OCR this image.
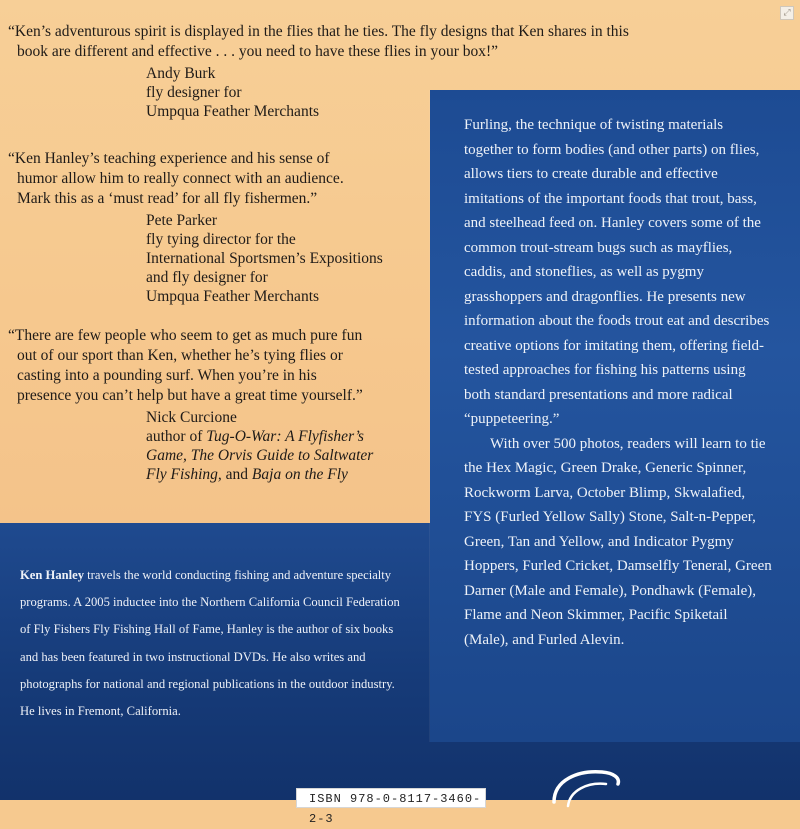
⤢

“Ken’s adventurous spirit is displayed in the flies that he ties. The fly designs that Ken shares in this

book are different and effective . . . you need to have these flies in your box!”

Andy Burk
fly designer for
Umpqua Feather Merchants

“Ken Hanley’s teaching experience and his sense of

humor allow him to really connect with an audience.

Mark this as a ‘must read’ for all fly fishermen.”

Pete Parker
fly tying director for the
International Sportsmen’s Expositions
and fly designer for
Umpqua Feather Merchants

“There are few people who seem to get as much pure fun

out of our sport than Ken, whether he’s tying flies or

casting into a pounding surf. When you’re in his

presence you can’t help but have a great time yourself.”

Nick Curcione
author of Tug-O-War: A Flyfisher’s
Game, The Orvis Guide to Saltwater
Fly Fishing, and Baja on the Fly

Furling, the technique of twisting materials together to form bodies (and other parts) on flies, allows tiers to create durable and effective imitations of the important foods that trout, bass, and steelhead feed on. Hanley covers some of the common trout-stream bugs such as mayflies, caddis, and stoneflies, as well as pygmy grasshoppers and dragonflies. He presents new information about the foods trout eat and describes creative options for imitating them, offering field-tested approaches for fishing his patterns using both standard presentations and more radical “puppeteering.”

With over 500 photos, readers will learn to tie the Hex Magic, Green Drake, Generic Spinner, Rockworm Larva, October Blimp, Skwalafied, FYS (Furled Yellow Sally) Stone, Salt-n-Pepper, Green, Tan and Yellow, and Indicator Pygmy Hoppers, Furled Cricket, Damselfly Teneral, Green Darner (Male and Female), Pondhawk (Female), Flame and Neon Skimmer, Pacific Spiketail (Male), and Furled Alevin.

Ken Hanley travels the world conducting fishing and adventure specialty programs. A 2005 inductee into the Northern California Council Federation of Fly Fishers Fly Fishing Hall of Fame, Hanley is the author of six books and has been featured in two instructional DVDs. He also writes and photographs for national and regional publications in the outdoor industry. He lives in Fremont, California.
ISBN 978-0-8117-3460-2-3
